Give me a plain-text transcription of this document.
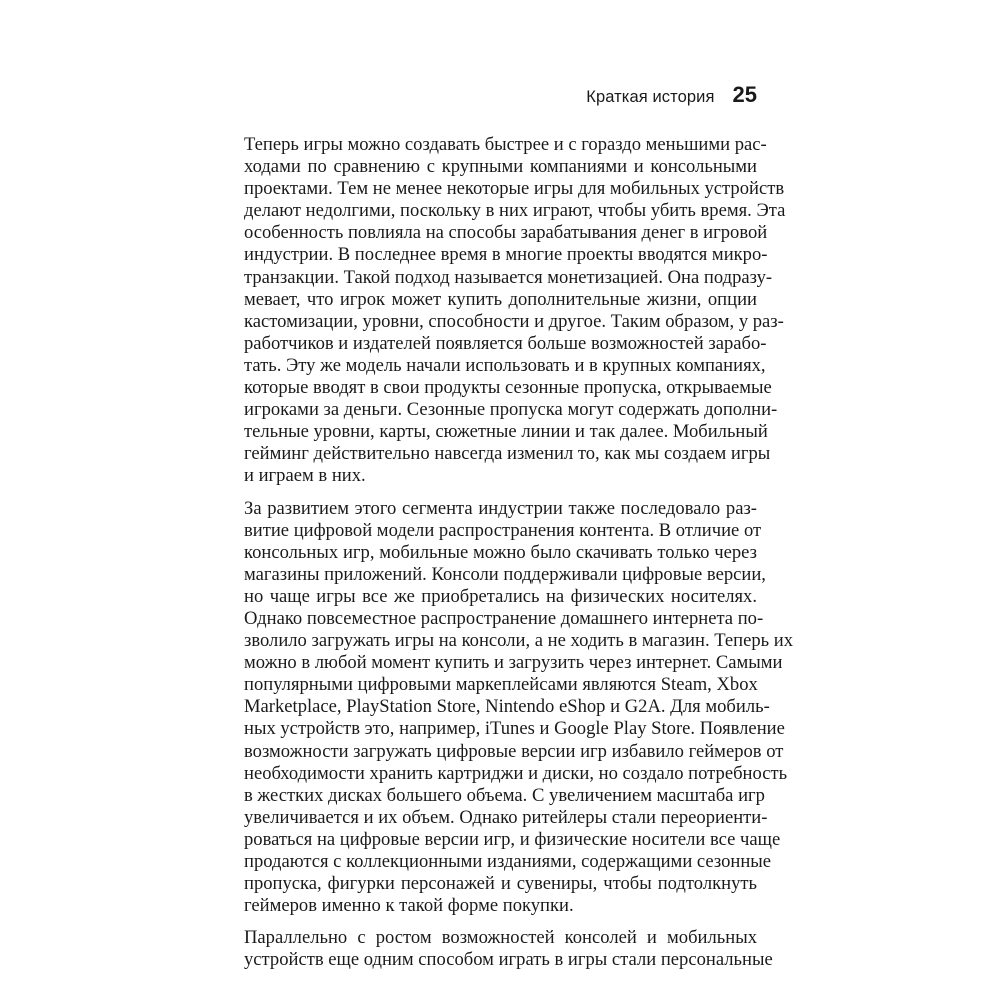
Краткая история 25
Теперь игры можно создавать быстрее и с гораздо меньшими рас-
ходами по сравнению с крупными компаниями и консольными
проектами. Тем не менее некоторые игры для мобильных устройств
делают недолгими, поскольку в них играют, чтобы убить время. Эта
особенность повлияла на способы зарабатывания денег в игровой
индустрии. В последнее время в многие проекты вводятся микро-
транзакции. Такой подход называется монетизацией. Она подразу-
мевает, что игрок может купить дополнительные жизни, опции
кастомизации, уровни, способности и другое. Таким образом, у раз-
работчиков и издателей появляется больше возможностей зарабо-
тать. Эту же модель начали использовать и в крупных компаниях,
которые вводят в свои продукты сезонные пропуска, открываемые
игроками за деньги. Сезонные пропуска могут содержать дополни-
тельные уровни, карты, сюжетные линии и так далее. Мобильный
гейминг действительно навсегда изменил то, как мы создаем игры
и играем в них.
За развитием этого сегмента индустрии также последовало раз-
витие цифровой модели распространения контента. В отличие от
консольных игр, мобильные можно было скачивать только через
магазины приложений. Консоли поддерживали цифровые версии,
но чаще игры все же приобретались на физических носителях.
Однако повсеместное распространение домашнего интернета по-
зволило загружать игры на консоли, а не ходить в магазин. Теперь их
можно в любой момент купить и загрузить через интернет. Самыми
популярными цифровыми маркеплейсами являются Steam, Xbox
Marketplace, PlayStation Store, Nintendo eShop и G2A. Для мобиль-
ных устройств это, например, iTunes и Google Play Store. Появление
возможности загружать цифровые версии игр избавило геймеров от
необходимости хранить картриджи и диски, но создало потребность
в жестких дисках большего объема. С увеличением масштаба игр
увеличивается и их объем. Однако ритейлеры стали переориенти-
роваться на цифровые версии игр, и физические носители все чаще
продаются с коллекционными изданиями, содержащими сезонные
пропуска, фигурки персонажей и сувениры, чтобы подтолкнуть
геймеров именно к такой форме покупки.
Параллельно с ростом возможностей консолей и мобильных
устройств еще одним способом играть в игры стали персональные
